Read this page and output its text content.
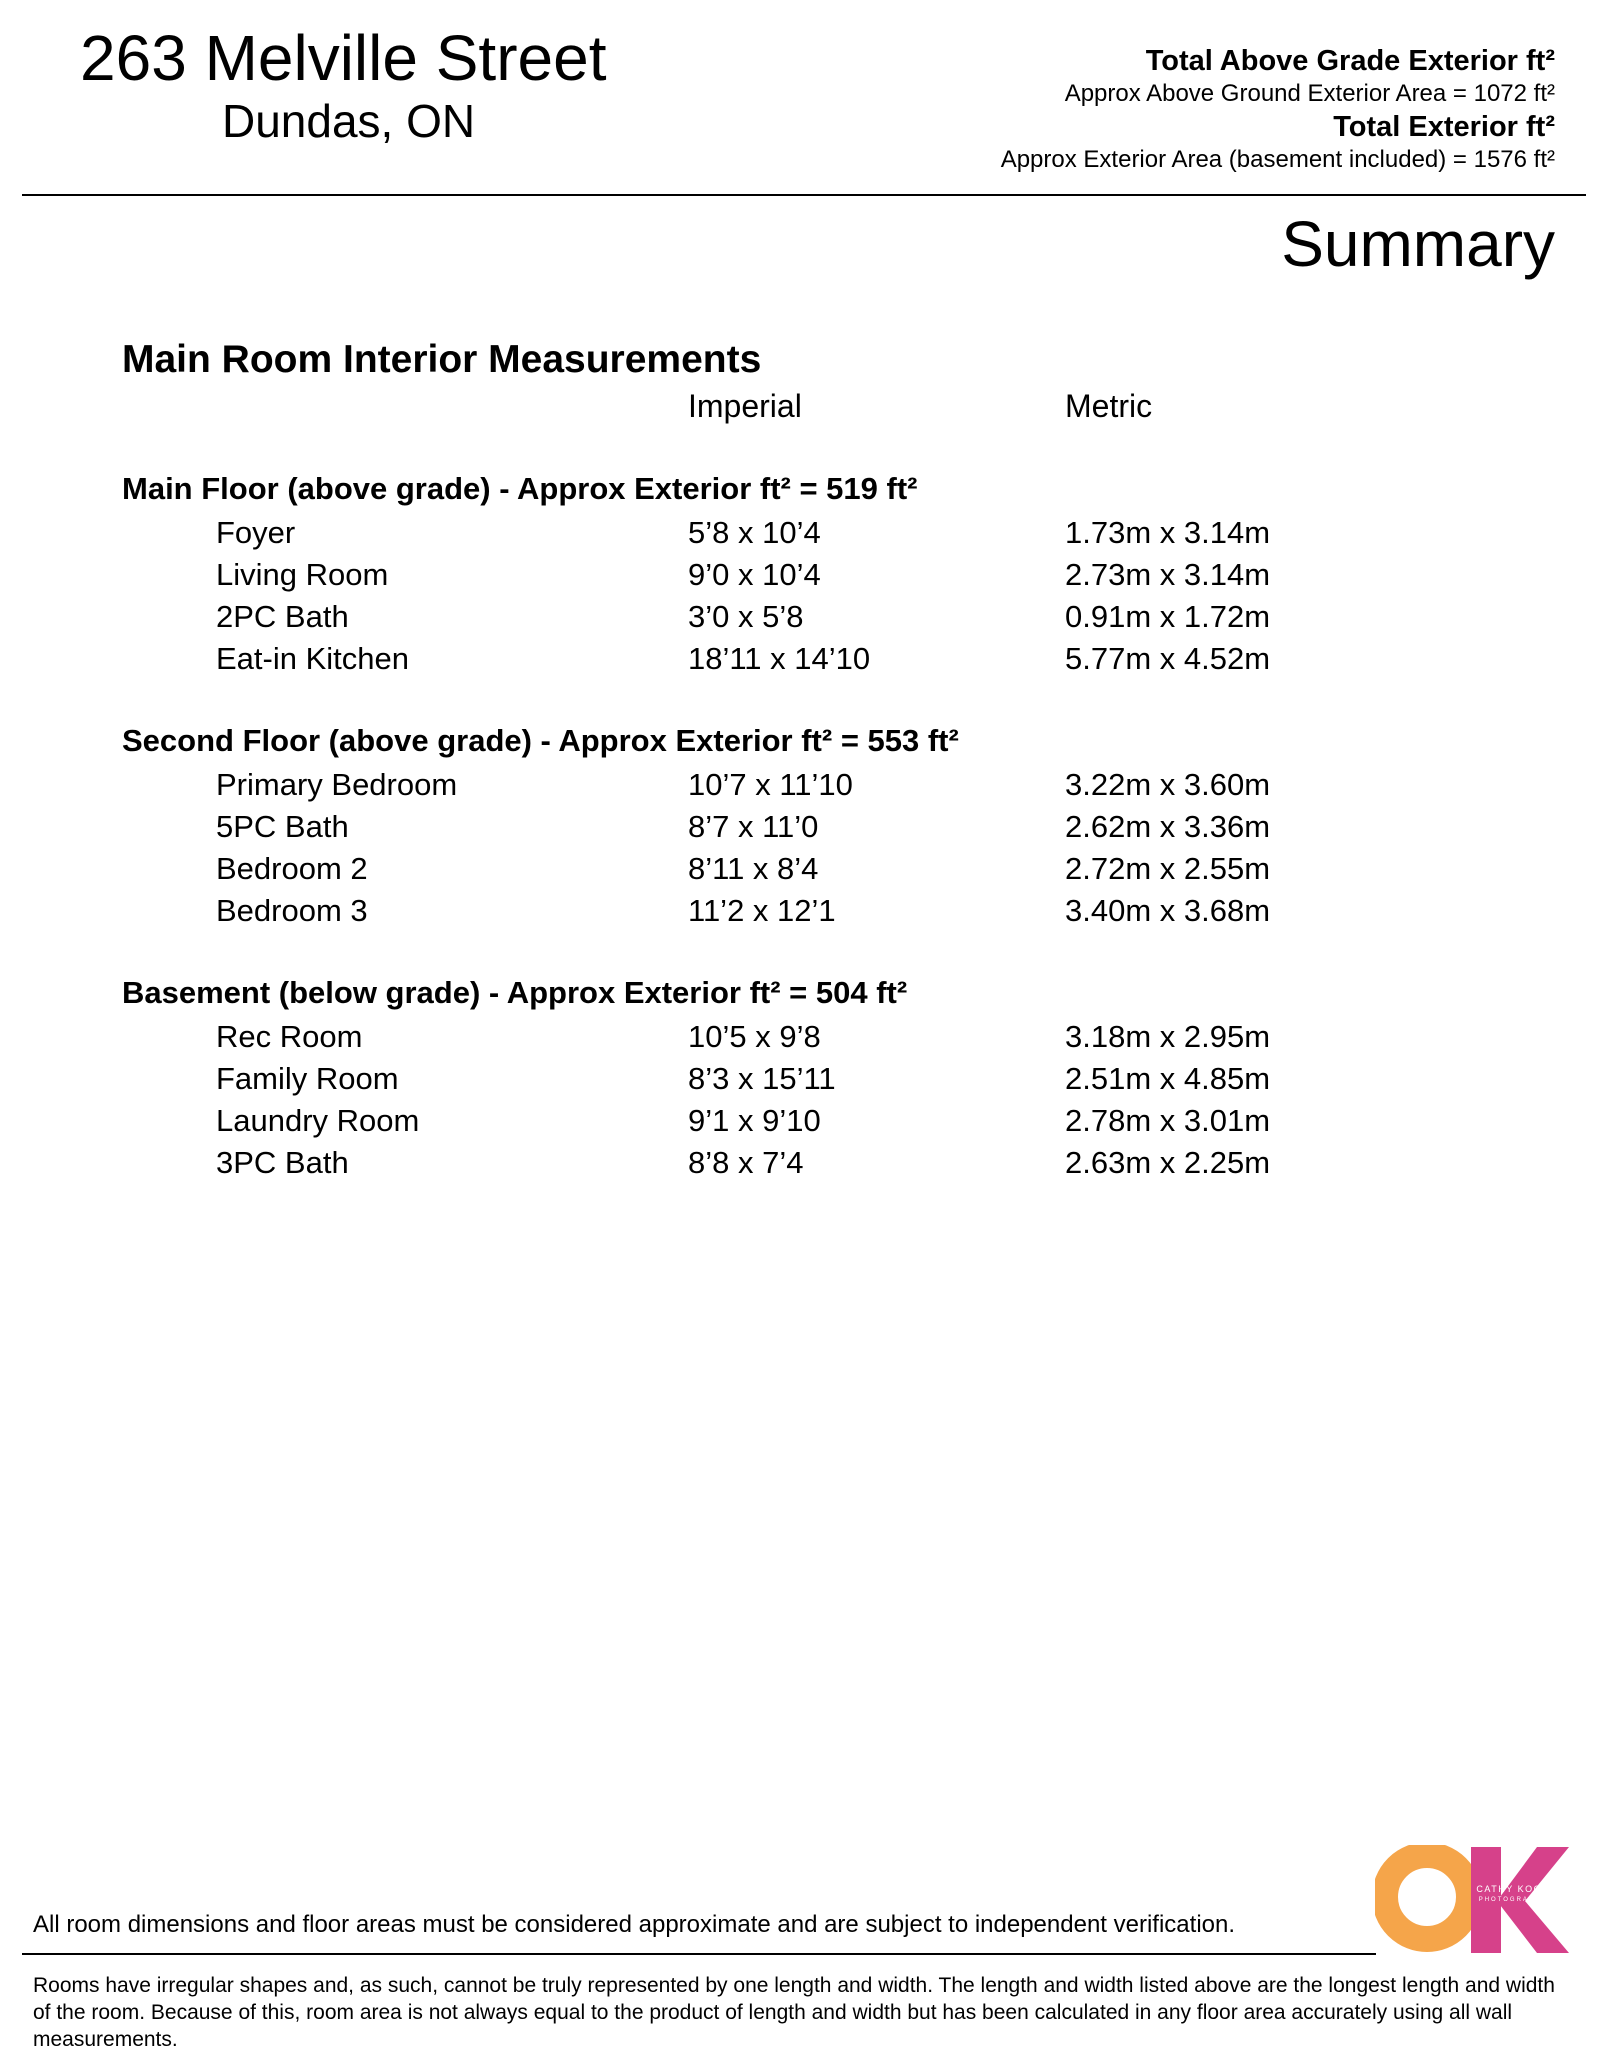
263 Melville Street
Dundas, ON
Total Above Grade Exterior ft²
Approx Above Ground Exterior Area = 1072 ft²
Total Exterior ft²
Approx Exterior Area (basement included) = 1576 ft²
Summary
Main Room Interior Measurements
Imperial	Metric
Main Floor (above grade) - Approx Exterior ft² = 519 ft²
Foyer	5’8 x 10’4	1.73m x 3.14m
Living Room	9’0 x 10’4	2.73m x 3.14m
2PC Bath	3’0 x 5’8	0.91m x 1.72m
Eat-in Kitchen	18’11 x 14’10	5.77m x 4.52m
Second Floor (above grade) - Approx Exterior ft² = 553 ft²
Primary Bedroom	10’7 x 11’10	3.22m x 3.60m
5PC Bath	8’7 x 11’0	2.62m x 3.36m
Bedroom 2	8’11 x 8’4	2.72m x 2.55m
Bedroom 3	11’2 x 12’1	3.40m x 3.68m
Basement (below grade) - Approx Exterior ft² = 504 ft²
Rec Room	10’5 x 9’8	3.18m x 2.95m
Family Room	8’3 x 15’11	2.51m x 4.85m
Laundry Room	9’1 x 9’10	2.78m x 3.01m
3PC Bath	8’8 x 7’4	2.63m x 2.25m
All room dimensions and floor areas must be considered approximate and are subject to independent verification.
Rooms have irregular shapes and, as such, cannot be truly represented by one length and width. The length and width listed above are the longest length and width of the room. Because of this, room area is not always equal to the product of length and width but has been calculated in any floor area accurately using all wall measurements.
CATHY KOOP
PHOTOGRAPHY
